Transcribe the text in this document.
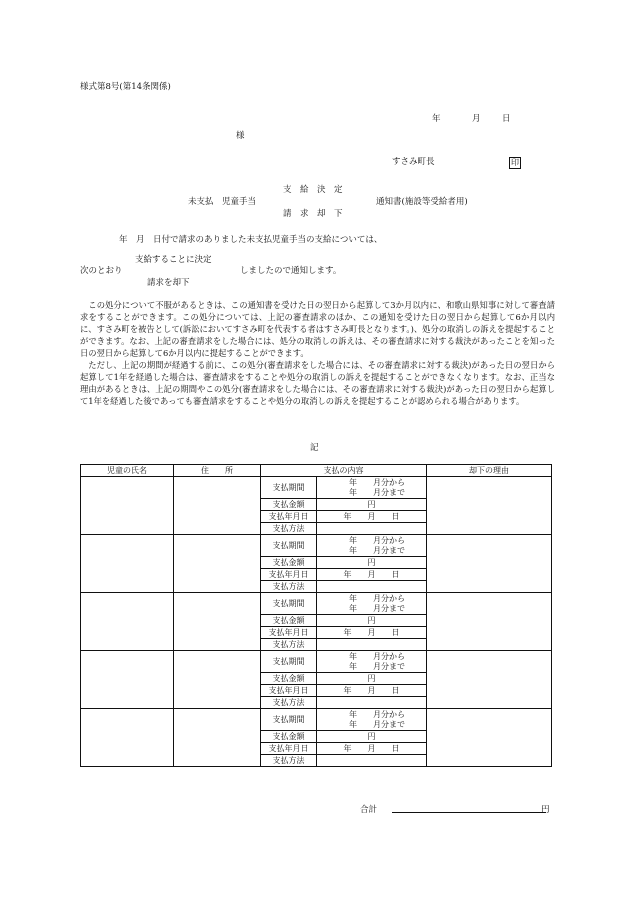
様式第8号(第14条関係)
年	月	日
様
すさみ町長	印
支　給　決　定
未支払　児童手当	通知書(施設等受給者用)
請　求　却　下
年　月　日付で請求のありました未支払児童手当の支給については、
支給することに決定
次のとおり	しましたので通知します。
請求を却下

この処分について不服があるときは、この通知書を受けた日の翌日から起算して3か月以内に、和歌山県知事に対して審査請求をすることができます。この処分については、上記の審査請求のほか、この通知を受けた日の翌日から起算して6か月以内に、すさみ町を被告として(訴訟においてすさみ町を代表する者はすさみ町長となります。)、処分の取消しの訴えを提起することができます。なお、上記の審査請求をした場合には、処分の取消しの訴えは、その審査請求に対する裁決があったことを知った日の翌日から起算して6か月以内に提起することができます。

ただし、上記の期間が経過する前に、この処分(審査請求をした場合には、その審査請求に対する裁決)があった日の翌日から起算して1年を経過した場合は、審査請求をすることや処分の取消しの訴えを提起することができなくなります。なお、正当な理由があるときは、上記の期間やこの処分(審査請求をした場合には、その審査請求に対する裁決)があった日の翌日から起算して1年を経過した後であっても審査請求をすることや処分の取消しの訴えを提起することが認められる場合があります。

記
児童の氏名	住　　所	支払の内容		却下の理由
		支払期間	年　　月分から
年　　月分まで	

		支払金額	円	
		支払年月日	年　　月　　日	
		支払方法		
		支払期間	年　　月分から
年　　月分まで	

		支払金額	円	
		支払年月日	年　　月　　日	
		支払方法		
		支払期間	年　　月分から
年　　月分まで	

		支払金額	円	
		支払年月日	年　　月　　日	
		支払方法		
		支払期間	年　　月分から
年　　月分まで	

		支払金額	円	
		支払年月日	年　　月　　日	
		支払方法		
		支払期間	年　　月分から
年　　月分まで	

		支払金額	円	
		支払年月日	年　　月　　日	
		支払方法		
合計	円
